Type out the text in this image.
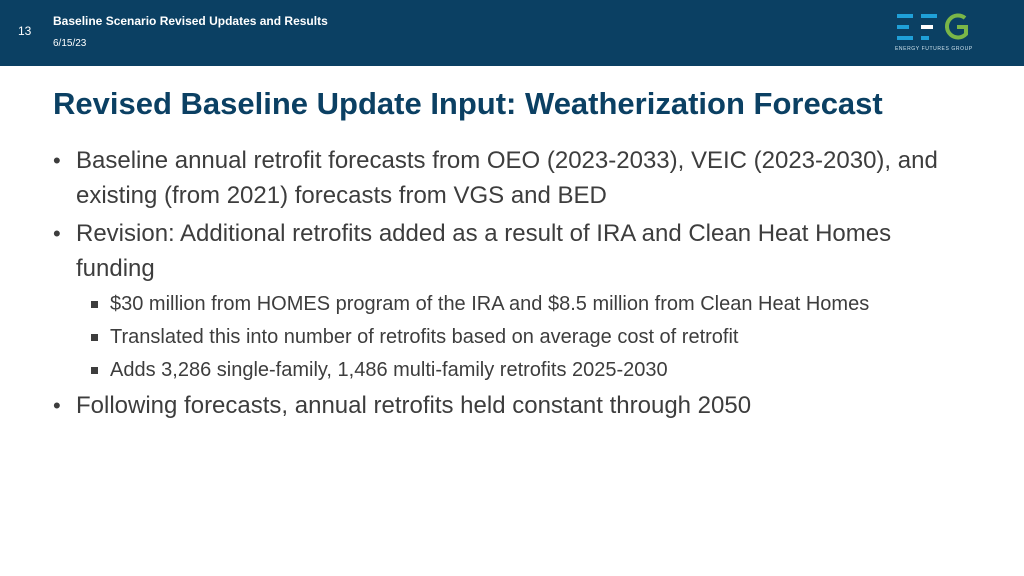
13
Baseline Scenario Revised Updates and Results
6/15/23	ENERGY FUTURES GROUP
Revised Baseline Update Input: Weatherization Forecast
• Baseline annual retrofit forecasts from OEO (2023-2033), VEIC (2023-2030), and existing (from 2021) forecasts from VGS and BED
• Revision: Additional retrofits added as a result of IRA and Clean Heat Homes funding
$30 million from HOMES program of the IRA and $8.5 million from Clean Heat Homes
Translated this into number of retrofits based on average cost of retrofit
Adds 3,286 single-family, 1,486 multi-family retrofits 2025-2030
• Following forecasts, annual retrofits held constant through 2050
